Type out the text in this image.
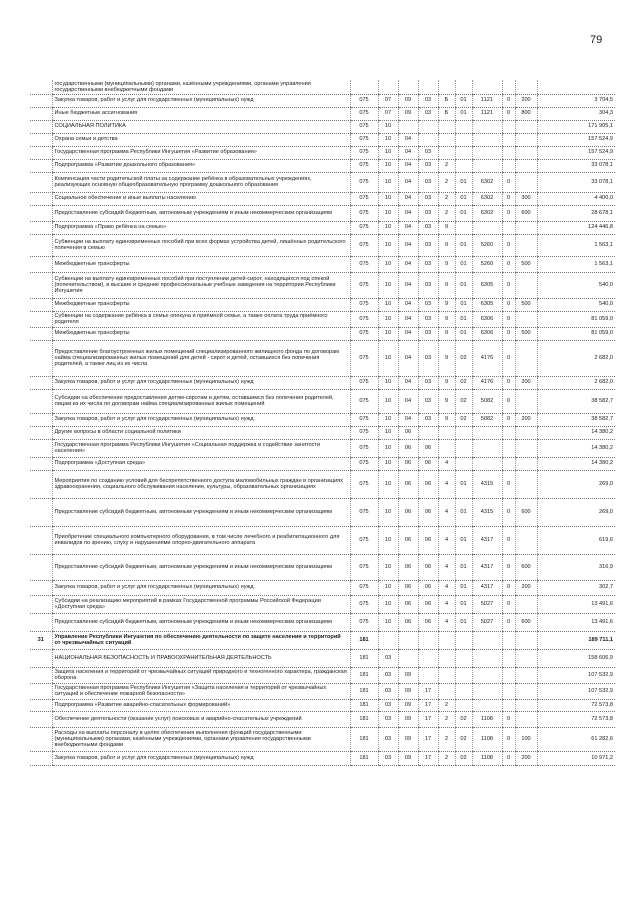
79
	государственными (муниципальными) органами, казёнными учреждениями, органами управления государственными внебюджетными фондами										
	Закупка товаров, работ и услуг для государственных (муниципальных) нужд	075	07	09	03	Б	01	1121	0	200	3 704,5
	Иные бюджетные ассигнования	075	07	09	03	Б	01	1121	0	800	304,3
	СОЦИАЛЬНАЯ ПОЛИТИКА	075	10								171 905,1
	Охрана семьи и детства	075	10	04							157 524,9
	Государственная программа Республики Ингушетия «Развитие образования»	075	10	04	03						157 524,9
	Подпрограмма «Развитие дошкольного образования»	075	10	04	03	2					33 078,1
	Компенсация части родительской платы за содержание ребёнка в образовательных учреждениях, реализующих основную общеобразовательную программу дошкольного образования	075	10	04	03	2	01	6302	0		33 078,1
	Социальное обеспечение и иные выплаты населению	075	10	04	03	2	01	6302	0	300	4 400,0
	Предоставление субсидий бюджетным, автономным учреждениям и иным некоммерческим организациям	075	10	04	03	2	01	6302	0	600	28 678,1
	Подпрограмма «Право ребёнка на семью»	075	10	04	03	9					124 446,8
	Субвенции на выплату единовременных пособий при всех формах устройства детей, лишённых родительского попечения в семью	075	10	04	03	9	01	5260	0		1 563,1
	Межбюджетные трансферты	075	10	04	03	9	01	5260	0	500	1 563,1
	Субвенции на выплату единовременных пособий при поступлении детей-сирот, находящихся под опекой (попечительством), в высшие и средние профессиональные учебные заведения на территории Республики Ингушетия	075	10	04	03	9	01	6305	0		540,0
	Межбюджетные трансферты	075	10	04	03	9	01	6305	0	500	540,0
	Субвенции на содержание ребёнка в семье опекуна и приёмной семье, а также оплата труда приёмного родителя	075	10	04	03	9	01	6306	0		81 059,0
	Межбюджетные трансферты	075	10	04	03	9	01	6306	0	500	81 059,0
	Предоставление благоустроенных жилых помещений специализированного жилищного фонда по договорам найма специализированных жилых помещений для детей - сирот и детей, оставшихся без попечения родителей, а также лиц из их числа	075	10	04	03	9	02	4176	0		2 682,0
	Закупка товаров, работ и услуг для государственных (муниципальных) нужд	075	10	04	03	9	02	4176	0	200	2 682,0
	Субсидии на обеспечение предоставления детям-сиротам и детям, оставшимся без попечения родителей, лицам из их числа по договорам найма специализированных жилых помещений	075	10	04	03	9	02	5082	0		38 582,7
	Закупка товаров, работ и услуг для государственных (муниципальных) нужд	075	10	04	03	9	02	5082	0	200	38 582,7
	Другие вопросы в области социальной политики	075	10	06							14 380,2
	Государственная программа Республики Ингушетия «Социальная поддержка и содействие занятости населения»	075	10	06	06						14 380,2
	Подпрограмма «Доступная среда»	075	10	06	06	4					14 380,2
	Мероприятия по созданию условий для беспрепятственного доступа маломобильных граждан в организациях здравоохранения, социального обслуживания населения, культуры, образовательных организациях	075	10	06	06	4	01	4315	0		269,0
	Предоставление субсидий бюджетным, автономным учреждениям и иным некоммерческим организациям	075	10	06	06	4	01	4315	0	600	269,0
	Приобретение специального компьютерного оборудования, в том числе лечебного и реабилитационного для инвалидов по зрению, слуху и нарушениями опорно-двигательного аппарата	075	10	06	06	4	01	4317	0		619,6
	Предоставление субсидий бюджетным, автономным учреждениям и иным некоммерческим организациям	075	10	06	06	4	01	4317	0	600	316,9
	Закупка товаров, работ и услуг для государственных (муниципальных) нужд	075	10	06	06	4	01	4317	0	200	302,7
	Субсидии на реализацию мероприятий в рамках Государственной программы Российской Федерации «Доступная среда»	075	10	06	06	4	01	5027	0		13 491,6
	Предоставление субсидий бюджетным, автономным учреждениям и иным некоммерческим организациям	075	10	06	06	4	01	5027	0	600	13 491,6
31	Управление Республики Ингушетия по обеспечению деятельности по защите населения и территорий от чрезвычайных ситуаций	181									189 711,1
	НАЦИОНАЛЬНАЯ БЕЗОПАСНОСТЬ И ПРАВООХРАНИТЕЛЬНАЯ ДЕЯТЕЛЬНОСТЬ	181	03								158 606,9
	Защита населения и территорий от чрезвычайных ситуаций природного и техногенного характера, гражданская оборона	181	03	09							107 532,9
	Государственная программа Республики Ингушетия «Защита населения и территорий от чрезвычайных ситуаций и обеспечение пожарной безопасности»	181	03	09	17						107 532,9
	Подпрограмма «Развитие аварийно-спасательных формирований»	181	03	09	17	2					72 573,8
	Обеспечение деятельности (оказание услуг) поисковых и аварийно-спасательных учреждений	181	03	09	17	2	02	1108	0		72 573,8
	Расходы на выплаты персоналу в целях обеспечения выполнения функций государственными (муниципальными) органами, казёнными учреждениями, органами управления государственными внебюджетными фондами	181	03	09	17	2	02	1108	0	100	61 282,6
	Закупка товаров, работ и услуг для государственных (муниципальных) нужд	181	03	09	17	2	02	1108	0	200	10 971,2
